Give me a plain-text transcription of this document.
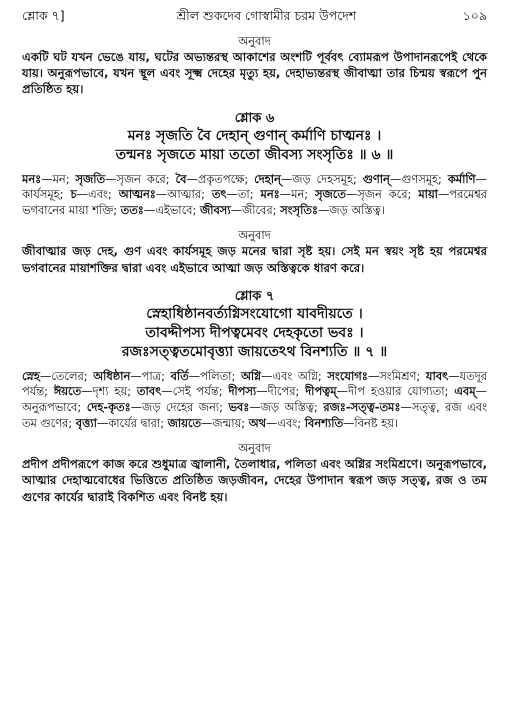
শ্লোক ৭]	শ্রীল শুকদেব গোস্বামীর চরম উপদেশ	১০৯
অনুবাদ
একটি ঘট যখন ভেঙে যায়, ঘটের অভ্যন্তরস্থ আকাশের অংশটি পূর্ববৎ ব্যোমরূপ উপাদানরূপেই থেকে যায়। অনুরূপভাবে, যখন স্থূল এবং সূক্ষ্ম দেহের মৃত্যু হয়, দেহাভ্যন্তরস্থ জীবাত্মা তার চিন্ময় স্বরূপে পুন প্রতিষ্ঠিত হয়।
শ্লোক ৬
মনঃ সৃজতি বৈ দেহান্ গুণান্ কর্মাণি চাত্মনঃ ।
তন্মনঃ সৃজতে মায়া ততো জীবস্য সংসৃতিঃ ॥ ৬ ॥
মনঃ—মন; সৃজতি—সৃজন করে; বৈ—প্রকৃতপক্ষে; দেহান্—জড় দেহসমূহ; গুণান্—গুণসমূহ; কর্মাণি—কার্যসমূহ; চ—এবং; আত্মনঃ—আত্মার; তৎ—তা; মনঃ—মন; সৃজতে—সৃজন করে; মায়া—পরমেশ্বর ভগবানের মায়া শক্তি; ততঃ—এইভাবে; জীবস্য—জীবের; সংসৃতিঃ—জড় অস্তিত্ব।
অনুবাদ
জীবাত্মার জড় দেহ, গুণ এবং কার্যসমূহ জড় মনের দ্বারা সৃষ্ট হয়। সেই মন স্বয়ং সৃষ্ট হয় পরমেশ্বর ভগবানের মায়াশক্তির দ্বারা এবং এইভাবে আত্মা জড় অস্তিত্বকে ধারণ করে।
শ্লোক ৭
স্নেহাধিষ্ঠানবর্ত্যগ্নিসংযোগো যাবদীয়তে ।
তাবদ্দীপস্য দীপত্বমেবং দেহকৃতো ভবঃ ।
রজঃসত্ত্বতমোবৃত্ত্যা জায়তেঽথ বিনশ্যতি ॥ ৭ ॥
স্নেহ—তেলের; অধিষ্ঠান—পাত্র; বর্তি—পলিতা; অগ্নি—এবং অগ্নি; সংযোগঃ—সংমিশ্রণ; যাবৎ—যতদূর পর্যন্ত; ঈয়তে—দৃশ্য হয়; তাবৎ—সেই পর্যন্ত; দীপস্য—দীপের; দীপত্বম্—দীপ হওয়ার যোগ্যতা; এবম্—অনুরূপভাবে; দেহ-কৃতঃ—জড় দেহের জন্য; ভবঃ—জড় অস্তিত্ব; রজঃ-সত্ত্ব-তমঃ—সত্ত্ব, রজ এবং তম গুণের; বৃত্ত্যা—কার্যের দ্বারা; জায়তে—জন্মায়; অথ—এবং; বিনশ্যতি—বিনষ্ট হয়।
অনুবাদ
প্রদীপ প্রদীপরূপে কাজ করে শুধুমাত্র জ্বালানী, তৈলাধার, পলিতা এবং অগ্নির সংমিশ্রণে। অনুরূপভাবে, আত্মার দেহাত্মবোধের ভিত্তিতে প্রতিষ্ঠিত জড়জীবন, দেহের উপাদান স্বরূপ জড় সত্ত্ব, রজ ও তম গুণের কার্যের দ্বারাই বিকশিত এবং বিনষ্ট হয়।
